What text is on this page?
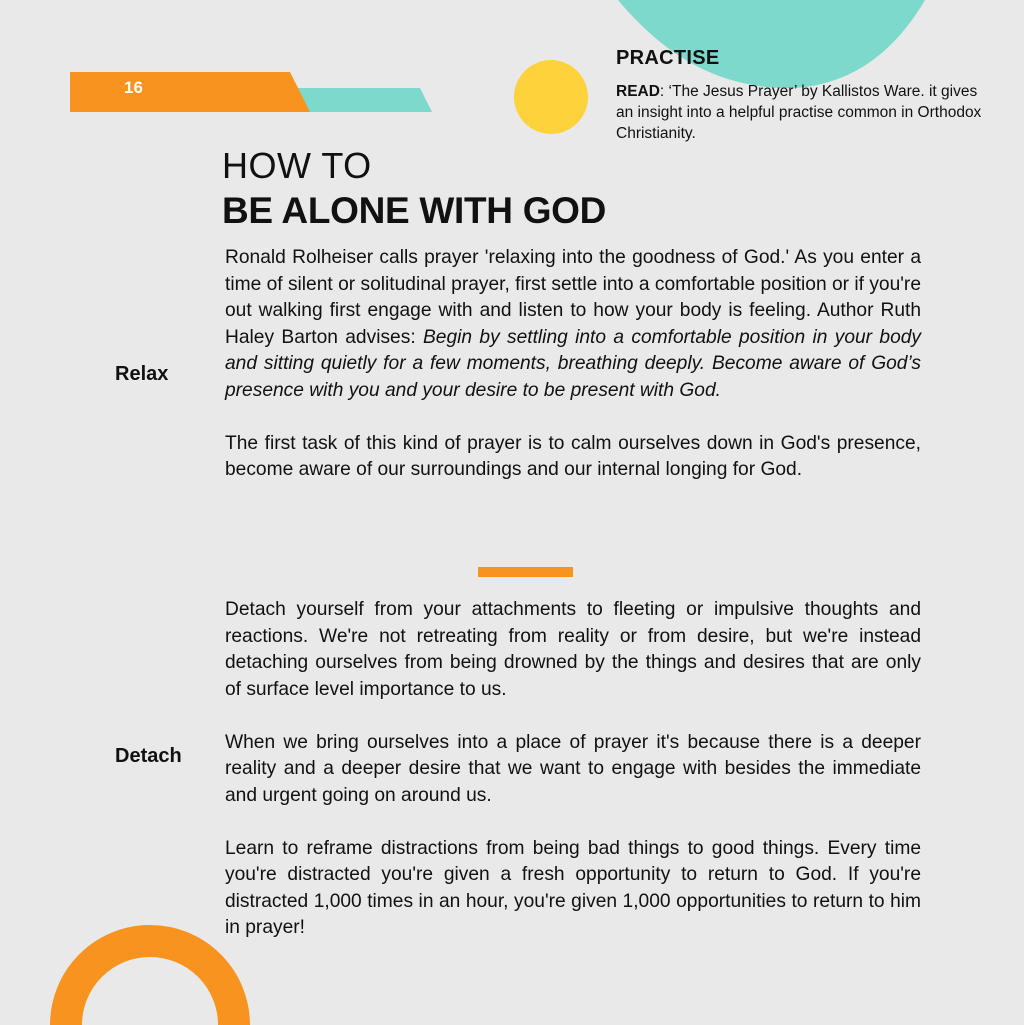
16
PRACTISE
READ: ‘The Jesus Prayer’ by Kallistos Ware. it gives an insight into a helpful practise common in Orthodox Christianity.
HOW TO
BE ALONE WITH GOD
Relax

Ronald Rolheiser calls prayer 'relaxing into the goodness of God.' As you enter a time of silent or solitudinal prayer, first settle into a comfortable position or if you're out walking first engage with and listen to how your body is feeling. Author Ruth Haley Barton advises: Begin by settling into a comfortable position in your body and sitting quietly for a few moments, breathing deeply. Become aware of God’s presence with you and your desire to be present with God.

The first task of this kind of prayer is to calm ourselves down in God's presence, become aware of our surroundings and our internal longing for God.

Detach

Detach yourself from your attachments to fleeting or impulsive thoughts and reactions. We're not retreating from reality or from desire, but we're instead detaching ourselves from being drowned by the things and desires that are only of surface level importance to us.

When we bring ourselves into a place of prayer it's because there is a deeper reality and a deeper desire that we want to engage with besides the immediate and urgent going on around us.

Learn to reframe distractions from being bad things to good things. Every time you're distracted you're given a fresh opportunity to return to God. If you're distracted 1,000 times in an hour, you're given 1,000 opportunities to return to him in prayer!
